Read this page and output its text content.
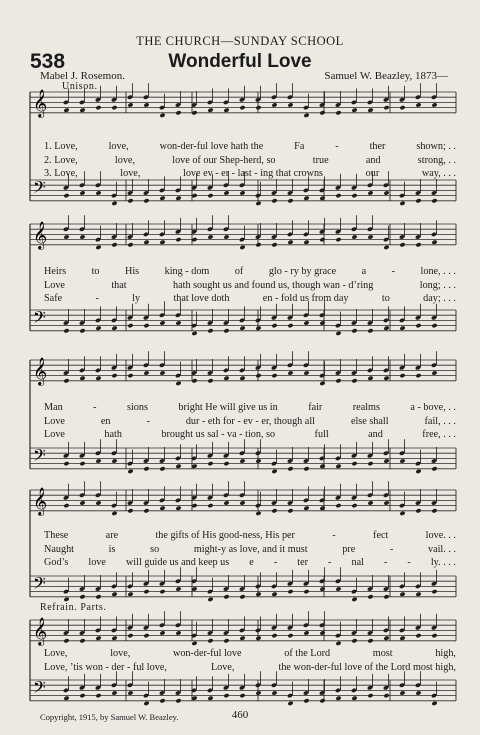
THE CHURCH—SUNDAY SCHOOL
538	Wonderful Love
Mabel J. Rosemon.	Samuel W. Beazley, 1873—
Unison.
Refrain. Parts.
𝄞
𝄢
𝄞
𝄢
𝄞
𝄢
𝄞
𝄢
𝄞
𝄢
1. Love,	love,	won-der-ful love hath the	Fa	-	ther	shown; . .
2. Love,	love,	love of our Shep-herd, so	true	and	strong, . .
3. Love,	love,	love ev - er - last - ing that crowns	our	way, . . .
Heirs to His king - dom of glo - ry by grace a - lone, . . .
Love	that	hath sought us and found us, though wan - d’ring	long; . . .
Safe	-	ly	that love doth	en - fold us from day	to	day; . . .
Man	-	sions	bright He will give us in	fair	realms	a - bove, . .
Love	en	-	dur - eth for - ev - er, though all	else shall	fail, . . .
Love	hath	brought us sal - va - tion, so	full	and	free, . . .
These	are	the gifts of His good-ness, His per	-	fect	love. . .
Naught	is	so	might-y as love, and it must	pre	-	vail. . .
God’s love will guide us and keep us e - ter - nal - - ly. . . .
Love,	love,	won-der-ful love	of the Lord	most	high,
Love, ’tis won - der - ful love,	Love,	the won-der-ful love of the Lord most high,
Copyright, 1915, by Samuel W. Beazley.	460
